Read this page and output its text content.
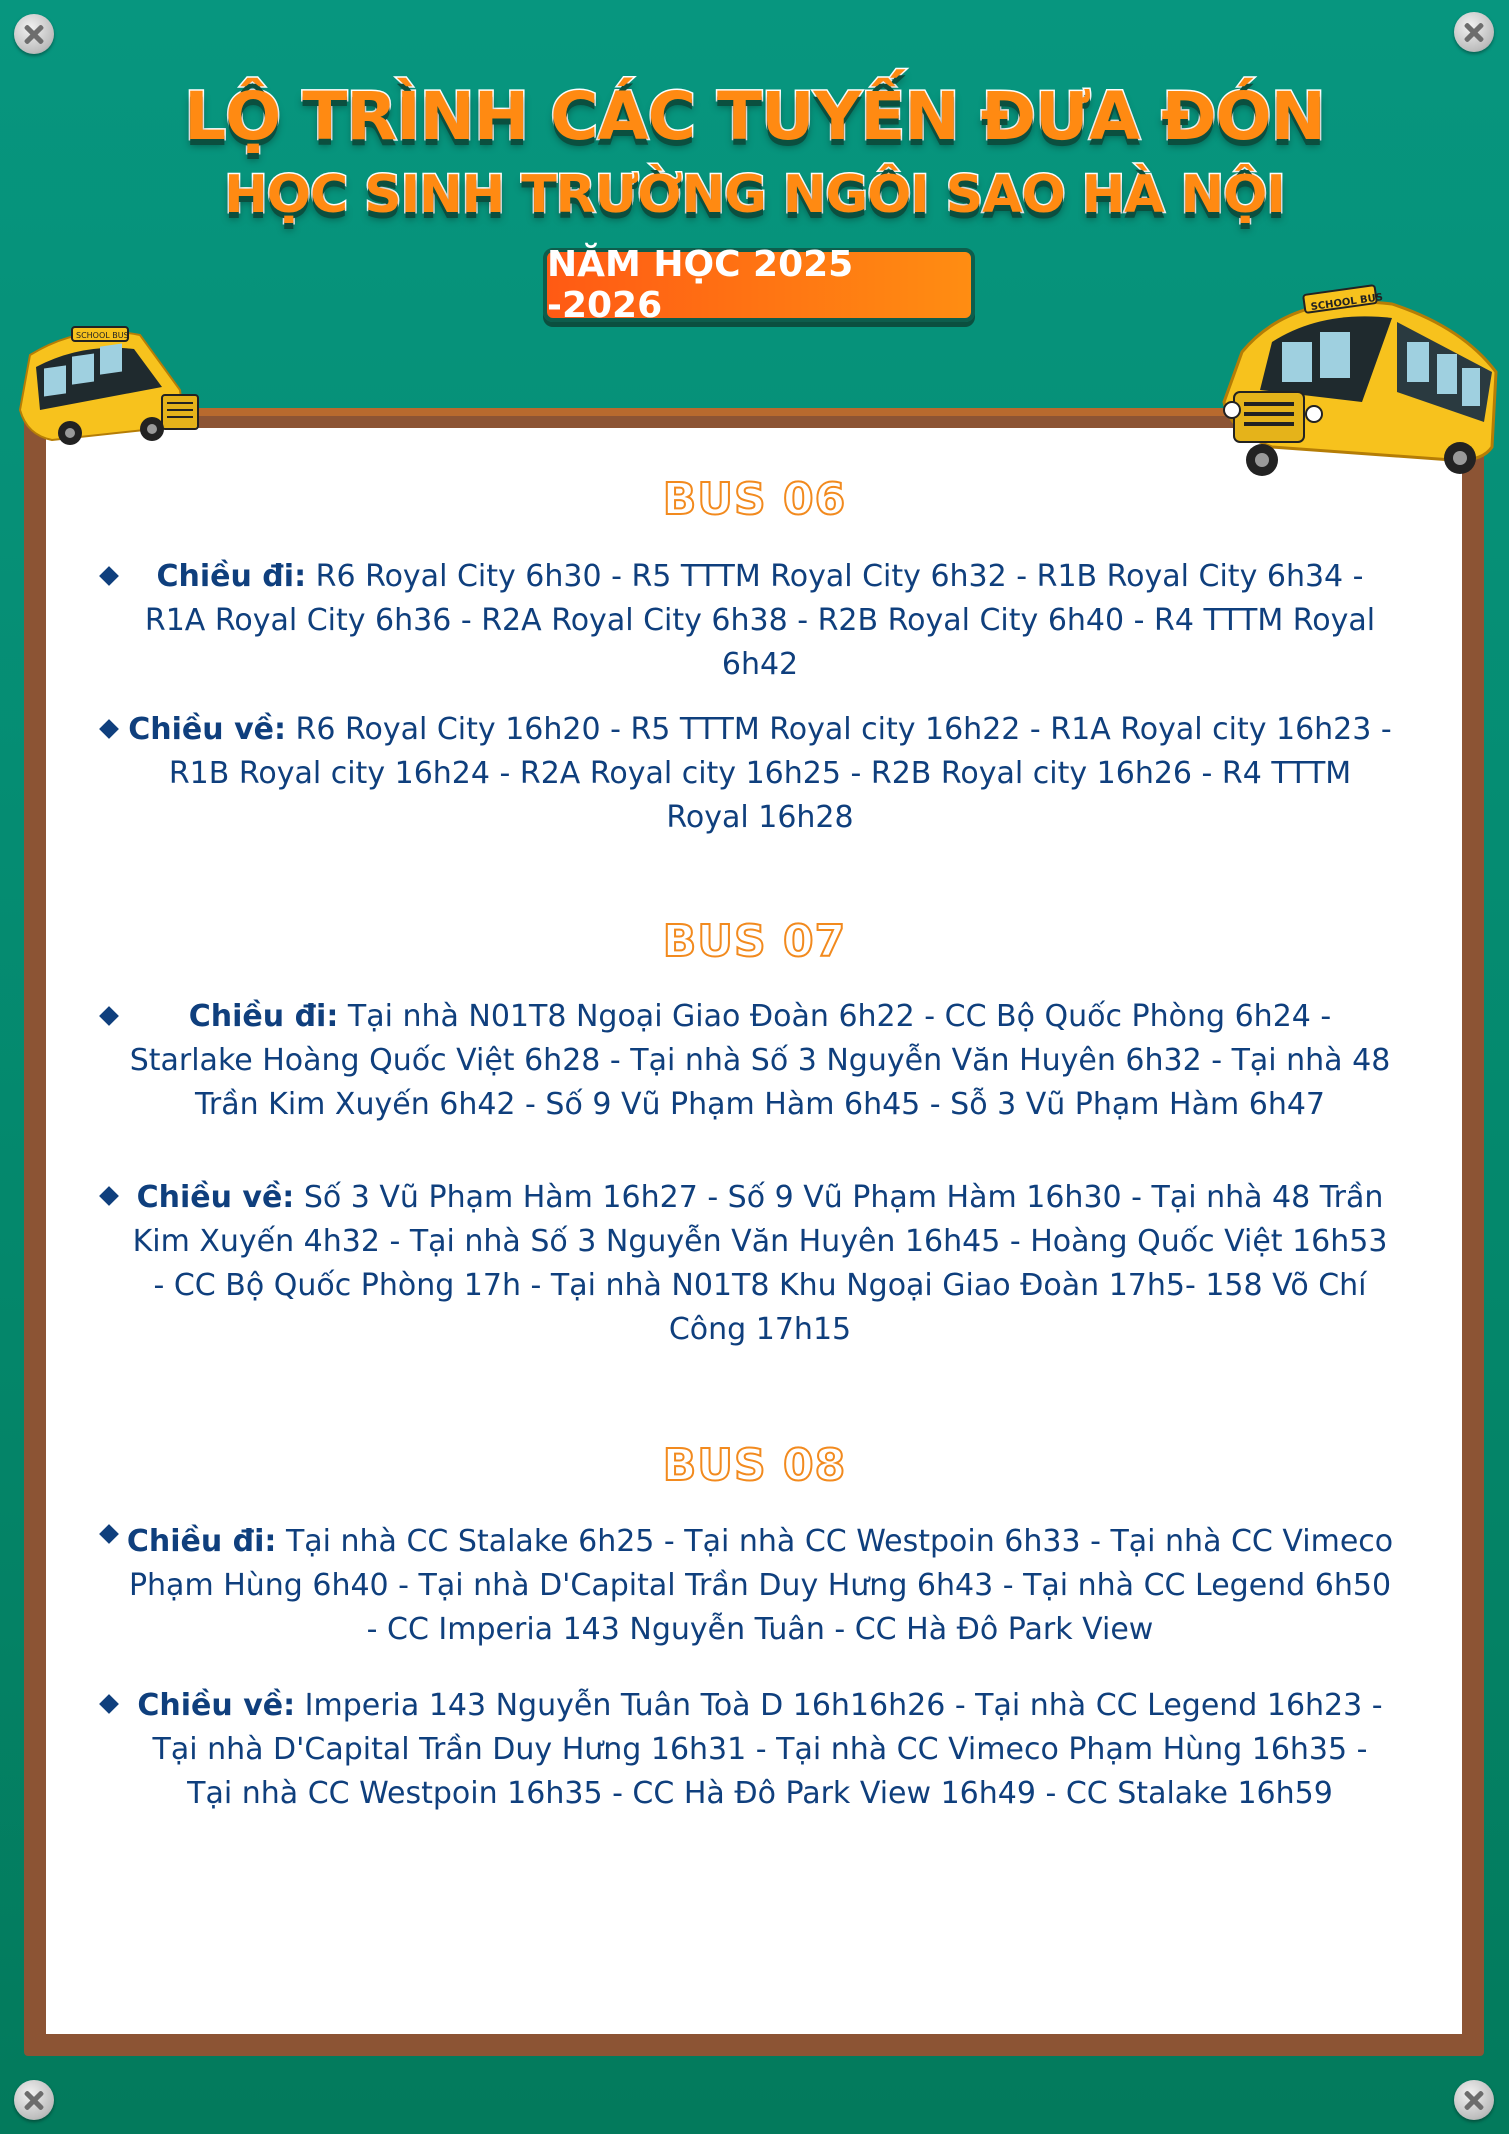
LỘ TRÌNH CÁC TUYẾN ĐƯA ĐÓN
HỌC SINH TRƯỜNG NGÔI SAO HÀ NỘI
NĂM HỌC 2025 -2026
SCHOOL BUS
SCHOOL BUS
BUS 06
Chiều đi: R6 Royal City 6h30 - R5 TTTM Royal City 6h32 - R1B Royal City 6h34 - R1A Royal City 6h36 - R2A Royal City 6h38 - R2B Royal City 6h40 - R4 TTTM Royal 6h42
Chiều về: R6 Royal City 16h20 - R5 TTTM Royal city 16h22 - R1A Royal city 16h23 - R1B Royal city 16h24 - R2A Royal city 16h25 - R2B Royal city 16h26 - R4 TTTM Royal 16h28
BUS 07
Chiều đi: Tại nhà N01T8 Ngoại Giao Đoàn 6h22 - CC Bộ Quốc Phòng 6h24 - Starlake Hoàng Quốc Việt 6h28 - Tại nhà Số 3 Nguyễn Văn Huyên 6h32 - Tại nhà 48 Trần Kim Xuyến 6h42 - Số 9 Vũ Phạm Hàm 6h45 - Sỗ 3 Vũ Phạm Hàm 6h47
Chiều về: Số 3 Vũ Phạm Hàm 16h27 - Số 9 Vũ Phạm Hàm 16h30 - Tại nhà 48 Trần Kim Xuyến 4h32 - Tại nhà Số 3 Nguyễn Văn Huyên 16h45 - Hoàng Quốc Việt 16h53 - CC Bộ Quốc Phòng 17h - Tại nhà N01T8 Khu Ngoại Giao Đoàn 17h5- 158 Võ Chí Công 17h15
BUS 08
Chiều đi: Tại nhà CC Stalake 6h25 - Tại nhà CC Westpoin 6h33 - Tại nhà CC Vimeco Phạm Hùng 6h40 - Tại nhà D'Capital Trần Duy Hưng 6h43 - Tại nhà CC Legend 6h50 - CC Imperia 143 Nguyễn Tuân - CC Hà Đô Park View
Chiều về: Imperia 143 Nguyễn Tuân Toà D 16h16h26 - Tại nhà CC Legend 16h23 - Tại nhà D'Capital Trần Duy Hưng 16h31 - Tại nhà CC Vimeco Phạm Hùng 16h35 - Tại nhà CC Westpoin 16h35 - CC Hà Đô Park View 16h49 - CC Stalake 16h59
